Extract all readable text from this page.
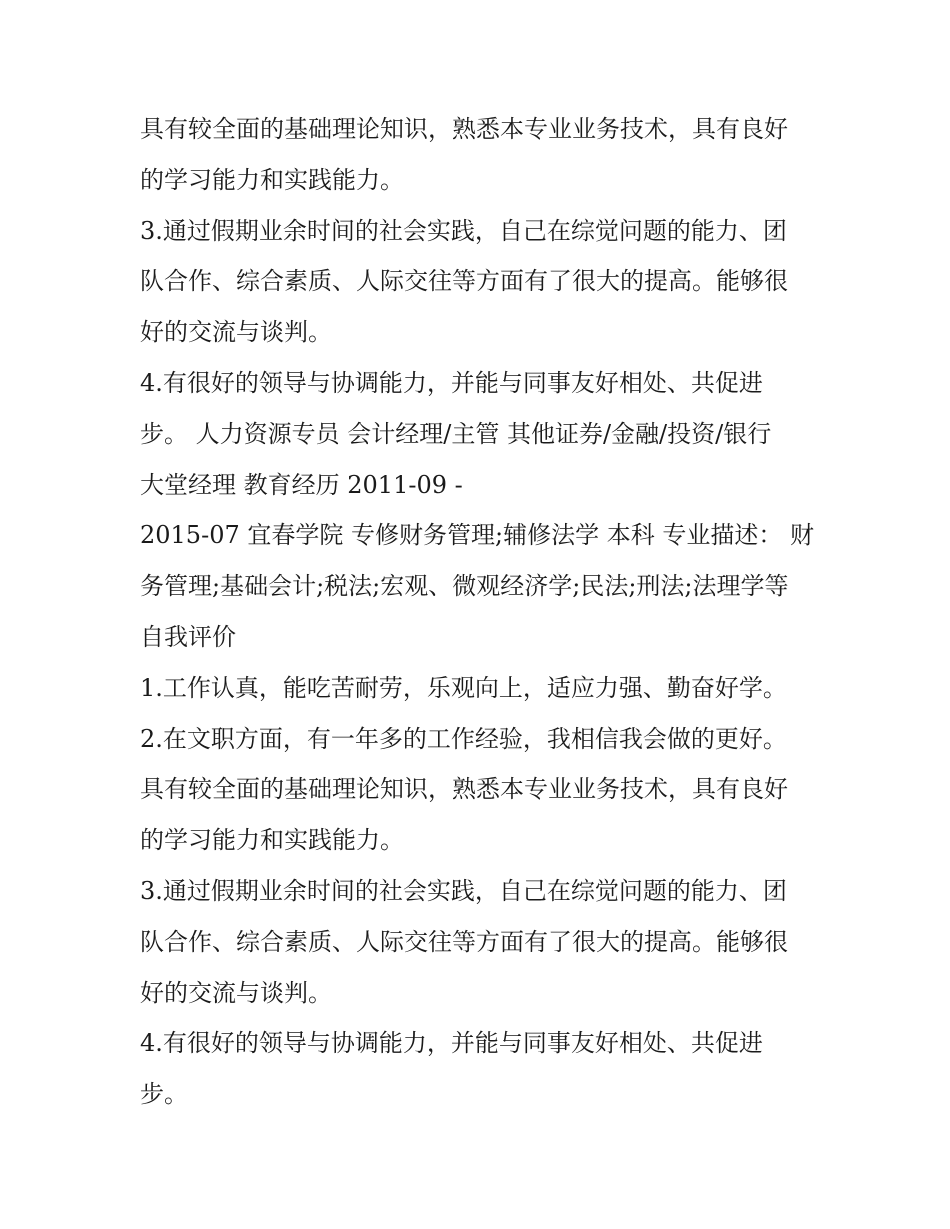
具有较全面的基础理论知识，熟悉本专业业务技术，具有良好
的学习能力和实践能力。
3.通过假期业余时间的社会实践，自己在综觉问题的能力、团
队合作、综合素质、人际交往等方面有了很大的提高。能够很
好的交流与谈判。
4.有很好的领导与协调能力，并能与同事友好相处、共促进
步。 人力资源专员 会计经理/主管 其他证券/金融/投资/银行
大堂经理 教育经历 2011-09 -
2015-07 宜春学院 专修财务管理;辅修法学 本科 专业描述： 财
务管理;基础会计;税法;宏观、微观经济学;民法;刑法;法理学等
自我评价
1.工作认真，能吃苦耐劳，乐观向上，适应力强、勤奋好学。
2.在文职方面，有一年多的工作经验，我相信我会做的更好。
具有较全面的基础理论知识，熟悉本专业业务技术，具有良好
的学习能力和实践能力。
3.通过假期业余时间的社会实践，自己在综觉问题的能力、团
队合作、综合素质、人际交往等方面有了很大的提高。能够很
好的交流与谈判。
4.有很好的领导与协调能力，并能与同事友好相处、共促进
步。
